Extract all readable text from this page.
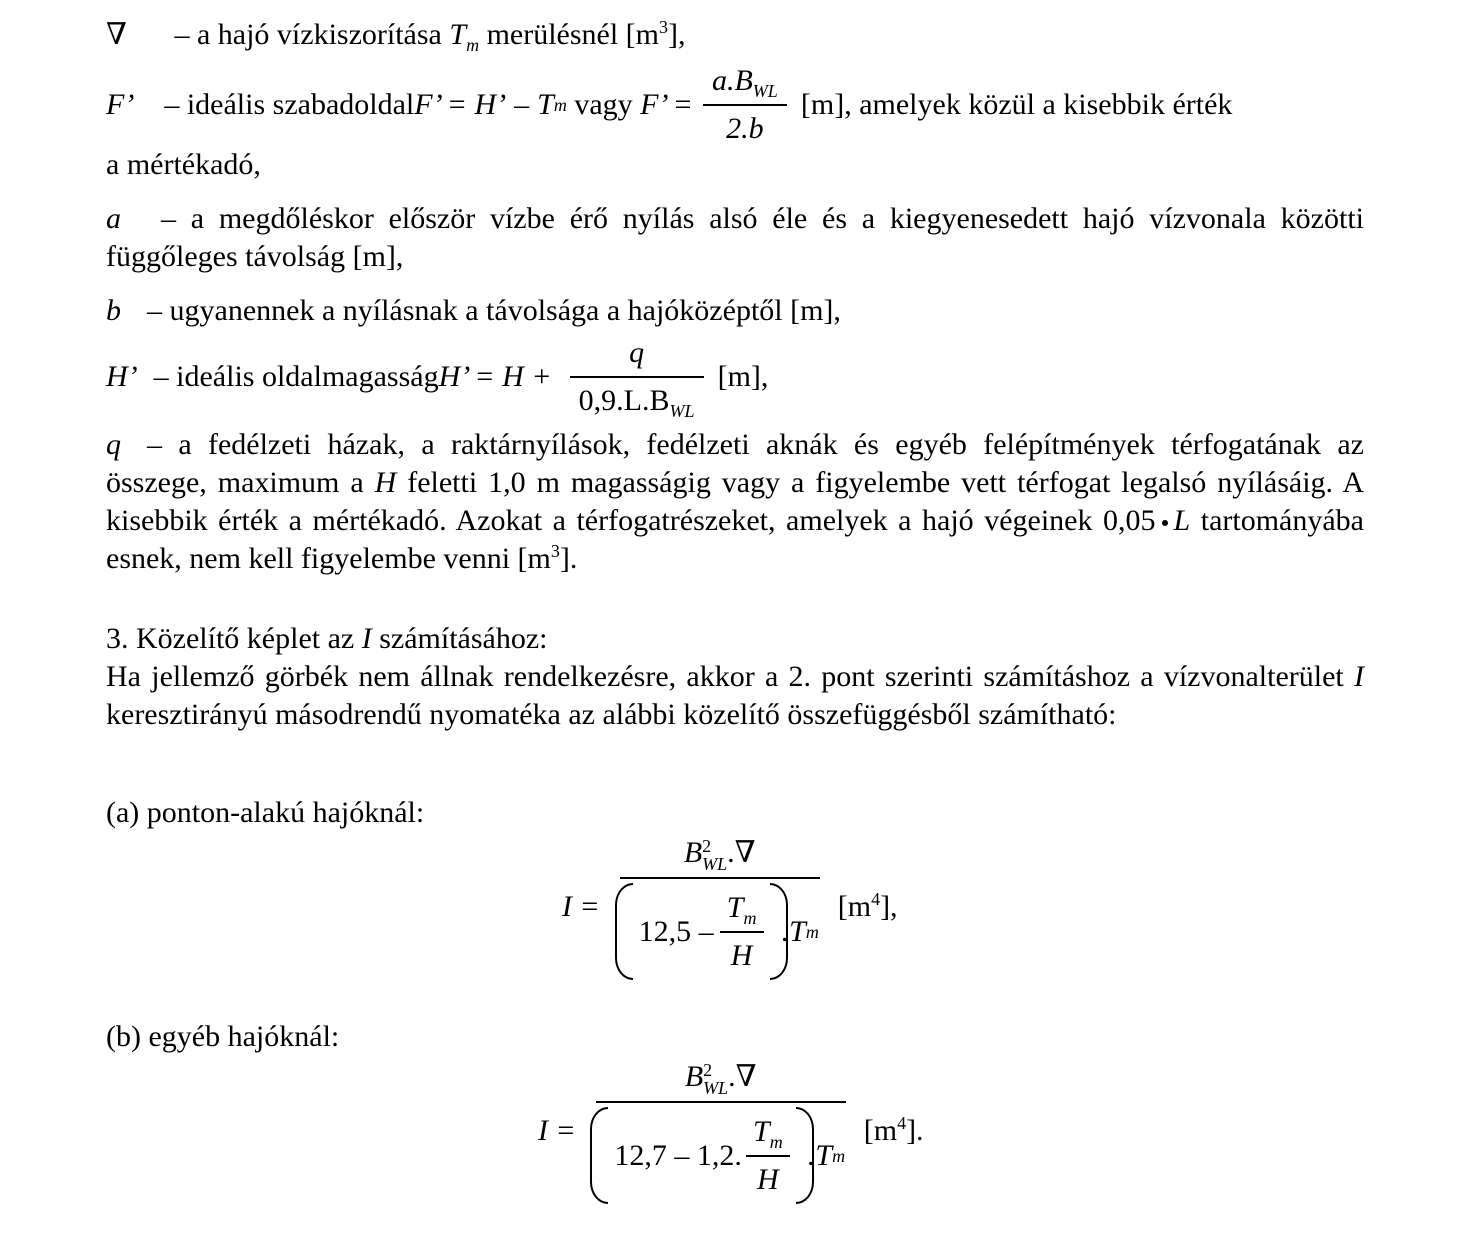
∇ – a hajó vízkiszorítása $T_m$ merülésnél $[m^3]$,
F’ – ideális szabadoldal F’ = H’ – T m vagy F’ = $\frac{a.B_{WL}}{2.b} [m]$, amelyek közül a kisebbik érték
a mértékadó,
a – a megdőléskor először vízbe érő nyílás alsó éle és a kiegyenesedett hajó vízvonala közötti függőleges távolság [m],
b – ugyanennek a nyílásnak a távolsága a hajóközéptől [m],
H’ – ideális oldalmagasság H’ = $H + \frac{q}{0,9.L.B_{WL}} [m]$,
q – a fedélzeti házak, a raktárnyílások, fedélzeti aknák és egyéb felépítmények térfogatának az összege, maximum a H feletti 1,0 m magasságig vagy a figyelembe vett térfogat legalsó nyílásáig. A kisebbik érték a mértékadó. Azokat a térfogatrészeket, amelyek a hajó végeinek 0,05 L tartományába esnek, nem kell figyelembe venni $[m^3]$.
3. Közelítő képlet az I számításához:
Ha jellemző görbék nem állnak rendelkezésre, akkor a 2. pont szerinti számításhoz a vízvonalterület I keresztirányú másodrendű nyomatéka az alábbi közelítő összefüggésből számítható:
(a) ponton-alakú hajóknál:
I =
B 2
WL .∇
$12,5 - \frac{T_m}{H} .T$ m
$[m^4]$,
(b) egyéb hajóknál:
I =
B 2
WL .∇
12,7 – 1,2. $\frac{T_m}{H} .T$ m
$[m^4]$.
